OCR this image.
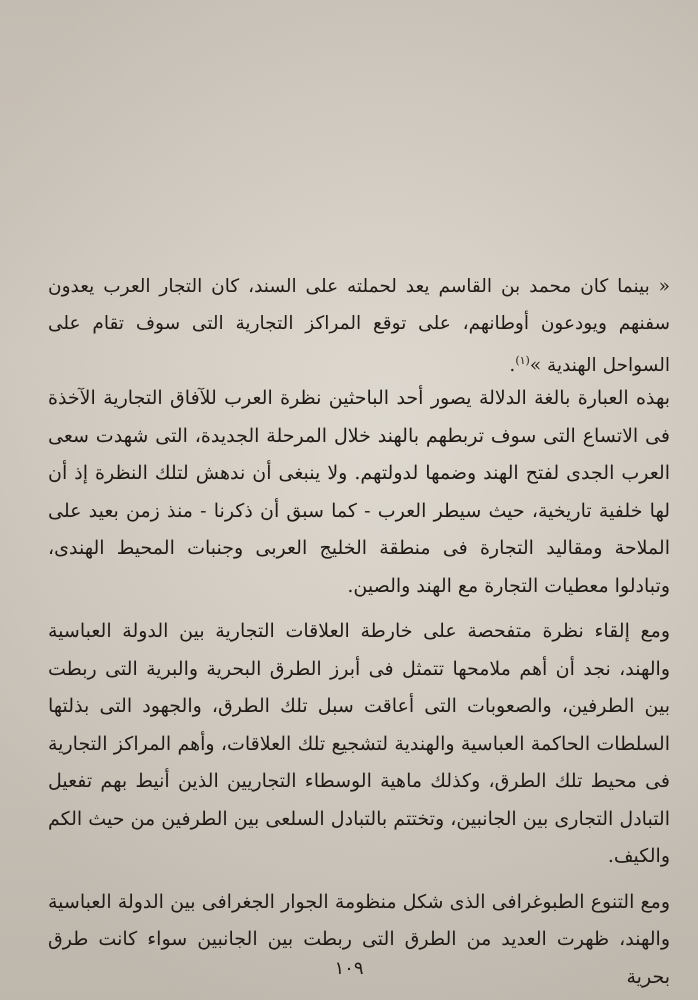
« بينما كان محمد بن القاسم يعد لحملته على السند، كان التجار العرب يعدون سفنهم ويودعون أوطانهم، على توقع المراكز التجارية التى سوف تقام على السواحل الهندية »$^{(١)}$.

بهذه العبارة بالغة الدلالة يصور أحد الباحثين نظرة العرب للآفاق التجارية الآخذة فى الاتساع التى سوف تربطهم بالهند خلال المرحلة الجديدة، التى شهدت سعى العرب الجدى لفتح الهند وضمها لدولتهم. ولا ينبغى أن ندهش لتلك النظرة إذ أن لها خلفية تاريخية، حيث سيطر العرب - كما سبق أن ذكرنا - منذ زمن بعيد على الملاحة ومقاليد التجارة فى منطقة الخليج العربى وجنبات المحيط الهندى، وتبادلوا معطيات التجارة مع الهند والصين.

ومع إلقاء نظرة متفحصة على خارطة العلاقات التجارية بين الدولة العباسية والهند، نجد أن أهم ملامحها تتمثل فى أبرز الطرق البحرية والبرية التى ربطت بين الطرفين، والصعوبات التى أعاقت سبل تلك الطرق، والجهود التى بذلتها السلطات الحاكمة العباسية والهندية لتشجيع تلك العلاقات، وأهم المراكز التجارية فى محيط تلك الطرق، وكذلك ماهية الوسطاء التجاريين الذين أنيط بهم تفعيل التبادل التجارى بين الجانبين، وتختتم بالتبادل السلعى بين الطرفين من حيث الكم والكيف.

ومع التنوع الطبوغرافى الذى شكل منظومة الجوار الجغرافى بين الدولة العباسية والهند، ظهرت العديد من الطرق التى ربطت بين الجانبين سواء كانت طرق بحرية

١٠٩
